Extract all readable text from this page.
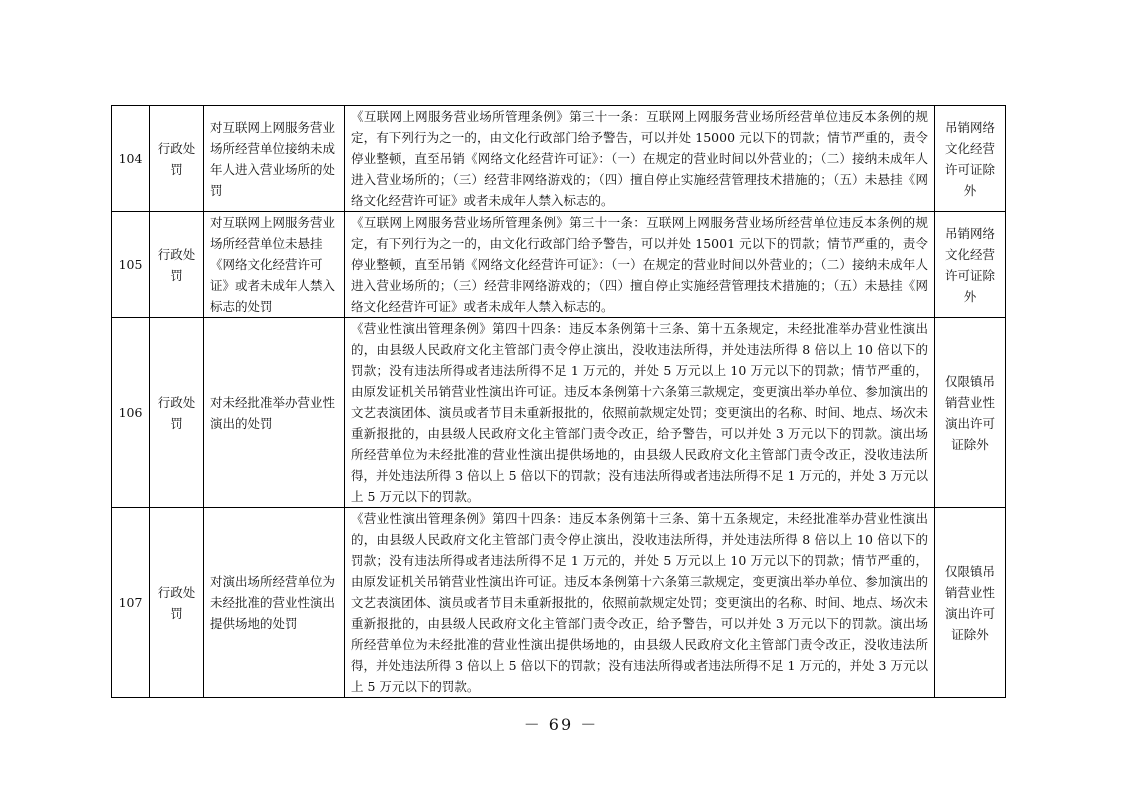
104	行政处罚	对互联网上网服务营业场所经营单位接纳未成年人进入营业场所的处罚	《互联网上网服务营业场所管理条例》第三十一条：互联网上网服务营业场所经营单位违反本条例的规定，有下列行为之一的，由文化行政部门给予警告，可以并处 15000 元以下的罚款；情节严重的，责令停业整顿，直至吊销《网络文化经营许可证》：（一）在规定的营业时间以外营业的；（二）接纳未成年人进入营业场所的；（三）经营非网络游戏的；（四）擅自停止实施经营管理技术措施的；（五）未悬挂《网络文化经营许可证》或者未成年人禁入标志的。	吊销网络文化经营许可证除外
105	行政处罚	对互联网上网服务营业场所经营单位未悬挂《网络文化经营许可证》或者未成年人禁入标志的处罚	《互联网上网服务营业场所管理条例》第三十一条：互联网上网服务营业场所经营单位违反本条例的规定，有下列行为之一的，由文化行政部门给予警告，可以并处 15001 元以下的罚款；情节严重的，责令停业整顿，直至吊销《网络文化经营许可证》：（一）在规定的营业时间以外营业的；（二）接纳未成年人进入营业场所的；（三）经营非网络游戏的；（四）擅自停止实施经营管理技术措施的；（五）未悬挂《网络文化经营许可证》或者未成年人禁入标志的。	吊销网络文化经营许可证除外
106	行政处罚	对未经批准举办营业性演出的处罚	《营业性演出管理条例》第四十四条：违反本条例第十三条、第十五条规定，未经批准举办营业性演出的，由县级人民政府文化主管部门责令停止演出，没收违法所得，并处违法所得 8 倍以上 10 倍以下的罚款；没有违法所得或者违法所得不足 1 万元的，并处 5 万元以上 10 万元以下的罚款；情节严重的，由原发证机关吊销营业性演出许可证。违反本条例第十六条第三款规定，变更演出举办单位、参加演出的文艺表演团体、演员或者节目未重新报批的，依照前款规定处罚；变更演出的名称、时间、地点、场次未重新报批的，由县级人民政府文化主管部门责令改正，给予警告，可以并处 3 万元以下的罚款。演出场所经营单位为未经批准的营业性演出提供场地的，由县级人民政府文化主管部门责令改正，没收违法所得，并处违法所得 3 倍以上 5 倍以下的罚款；没有违法所得或者违法所得不足 1 万元的，并处 3 万元以上 5 万元以下的罚款。	仅限镇吊销营业性演出许可证除外
107	行政处罚	对演出场所经营单位为未经批准的营业性演出提供场地的处罚	《营业性演出管理条例》第四十四条：违反本条例第十三条、第十五条规定，未经批准举办营业性演出的，由县级人民政府文化主管部门责令停止演出，没收违法所得，并处违法所得 8 倍以上 10 倍以下的罚款；没有违法所得或者违法所得不足 1 万元的，并处 5 万元以上 10 万元以下的罚款；情节严重的，由原发证机关吊销营业性演出许可证。违反本条例第十六条第三款规定，变更演出举办单位、参加演出的文艺表演团体、演员或者节目未重新报批的，依照前款规定处罚；变更演出的名称、时间、地点、场次未重新报批的，由县级人民政府文化主管部门责令改正，给予警告，可以并处 3 万元以下的罚款。演出场所经营单位为未经批准的营业性演出提供场地的，由县级人民政府文化主管部门责令改正，没收违法所得，并处违法所得 3 倍以上 5 倍以下的罚款；没有违法所得或者违法所得不足 1 万元的，并处 3 万元以上 5 万元以下的罚款。	仅限镇吊销营业性演出许可证除外
－ 69 －
